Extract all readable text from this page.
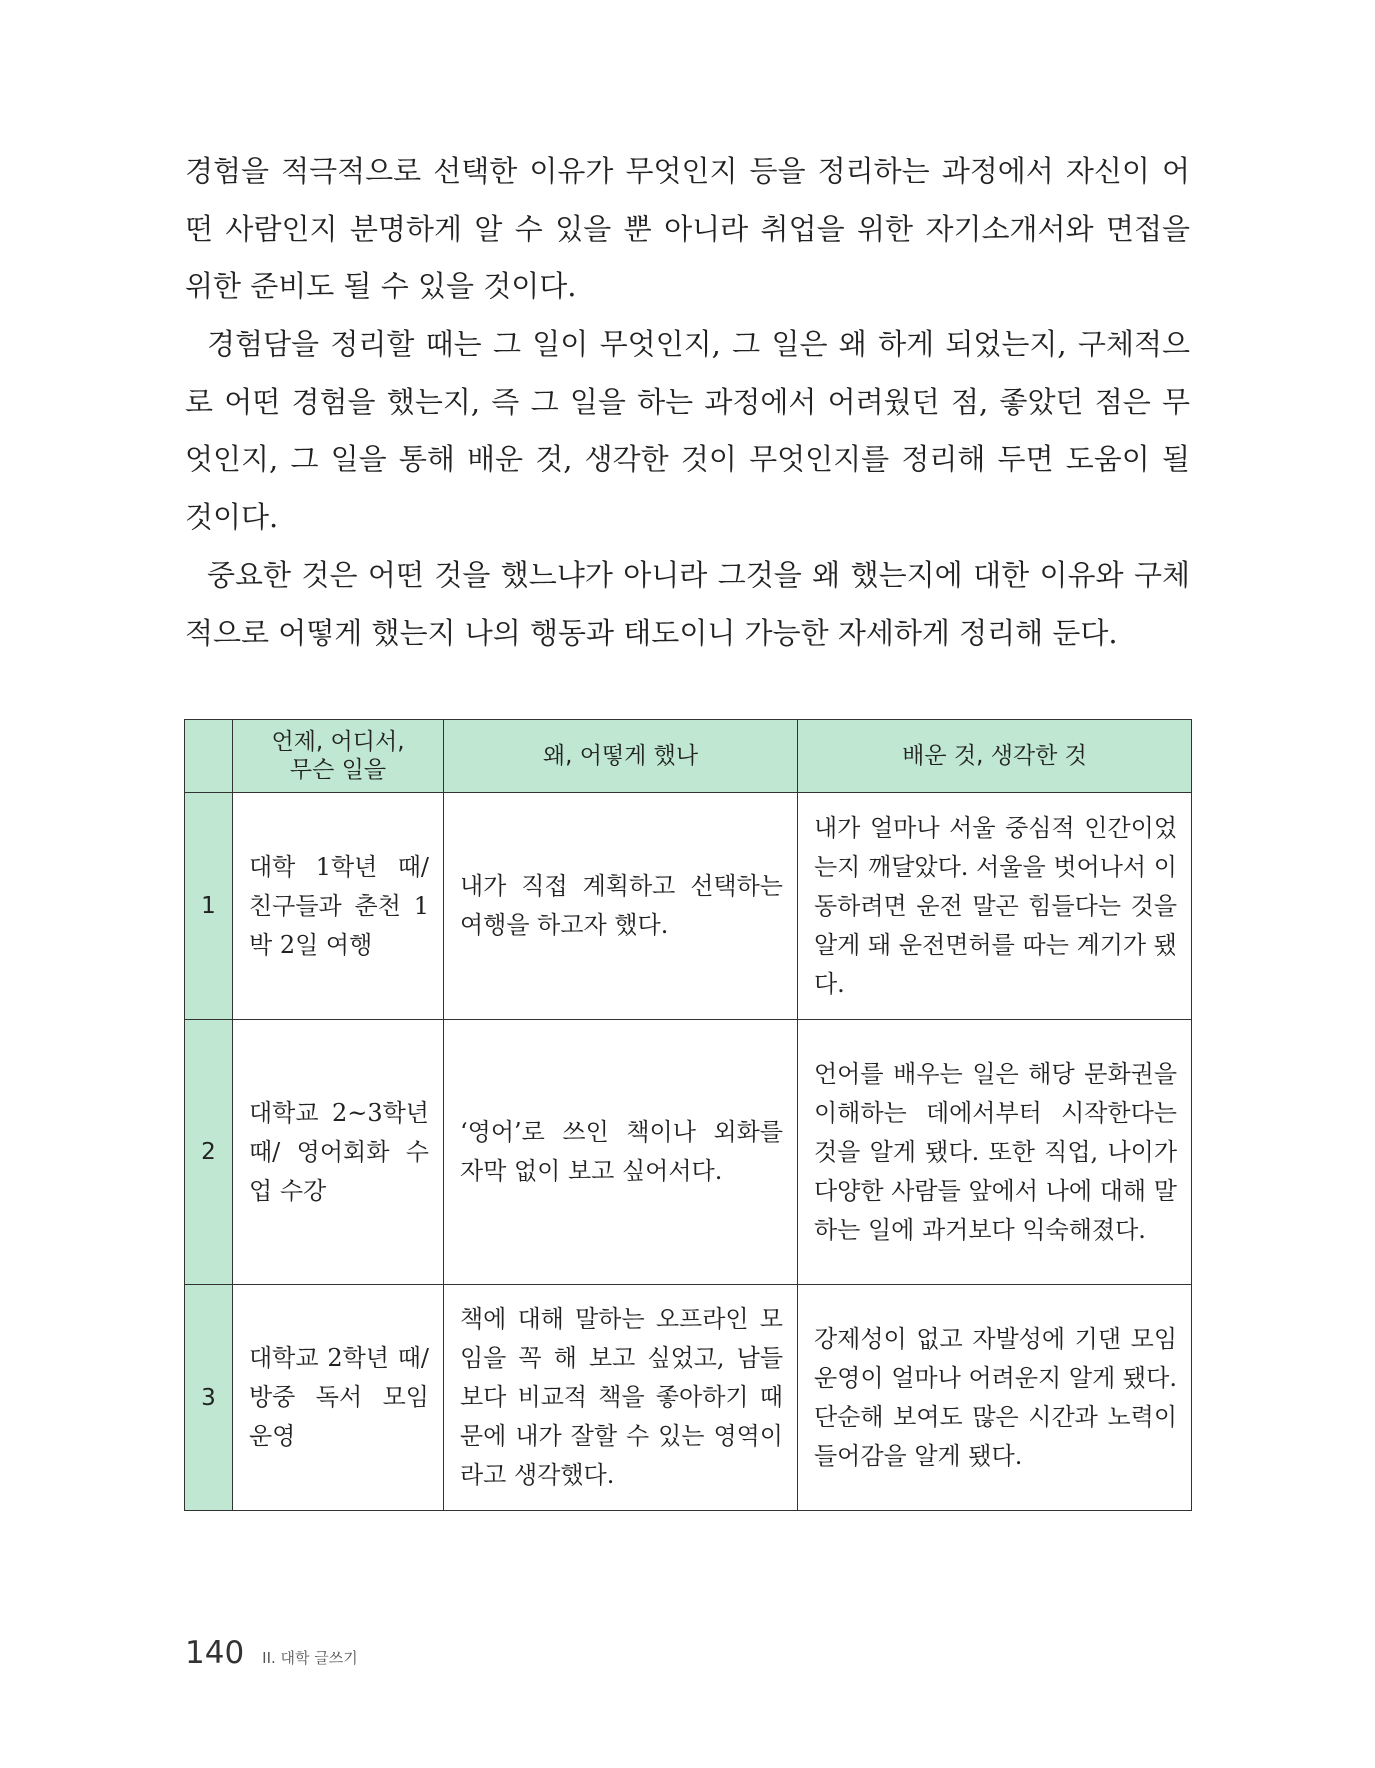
경험을 적극적으로 선택한 이유가 무엇인지 등을 정리하는 과정에서 자신이 어떤 사람인지 분명하게 알 수 있을 뿐 아니라 취업을 위한 자기소개서와 면접을 위한 준비도 될 수 있을 것이다.

경험담을 정리할 때는 그 일이 무엇인지, 그 일은 왜 하게 되었는지, 구체적으로 어떤 경험을 했는지, 즉 그 일을 하는 과정에서 어려웠던 점, 좋았던 점은 무엇인지, 그 일을 통해 배운 것, 생각한 것이 무엇인지를 정리해 두면 도움이 될 것이다.

중요한 것은 어떤 것을 했느냐가 아니라 그것을 왜 했는지에 대한 이유와 구체적으로 어떻게 했는지 나의 행동과 태도이니 가능한 자세하게 정리해 둔다.

	언제, 어디서, 무슨 일을	왜, 어떻게 했나	배운 것, 생각한 것
1	대학 1학년 때/ 친구들과 춘천 1박 2일 여행	내가 직접 계획하고 선택하는 여행을 하고자 했다.	내가 얼마나 서울 중심적 인간이었는지 깨달았다. 서울을 벗어나서 이동하려면 운전 말곤 힘들다는 것을 알게 돼 운전면허를 따는 계기가 됐다.
2	대학교 2~3학년 때/ 영어회화 수업 수강	‘영어’로 쓰인 책이나 외화를 자막 없이 보고 싶어서다.	언어를 배우는 일은 해당 문화권을 이해하는 데에서부터 시작한다는 것을 알게 됐다. 또한 직업, 나이가 다양한 사람들 앞에서 나에 대해 말하는 일에 과거보다 익숙해졌다.
3	대학교 2학년 때/ 방중 독서 모임 운영	책에 대해 말하는 오프라인 모임을 꼭 해 보고 싶었고, 남들보다 비교적 책을 좋아하기 때문에 내가 잘할 수 있는 영역이라고 생각했다.	강제성이 없고 자발성에 기댄 모임 운영이 얼마나 어려운지 알게 됐다. 단순해 보여도 많은 시간과 노력이 들어감을 알게 됐다.
140 II. 대학 글쓰기
